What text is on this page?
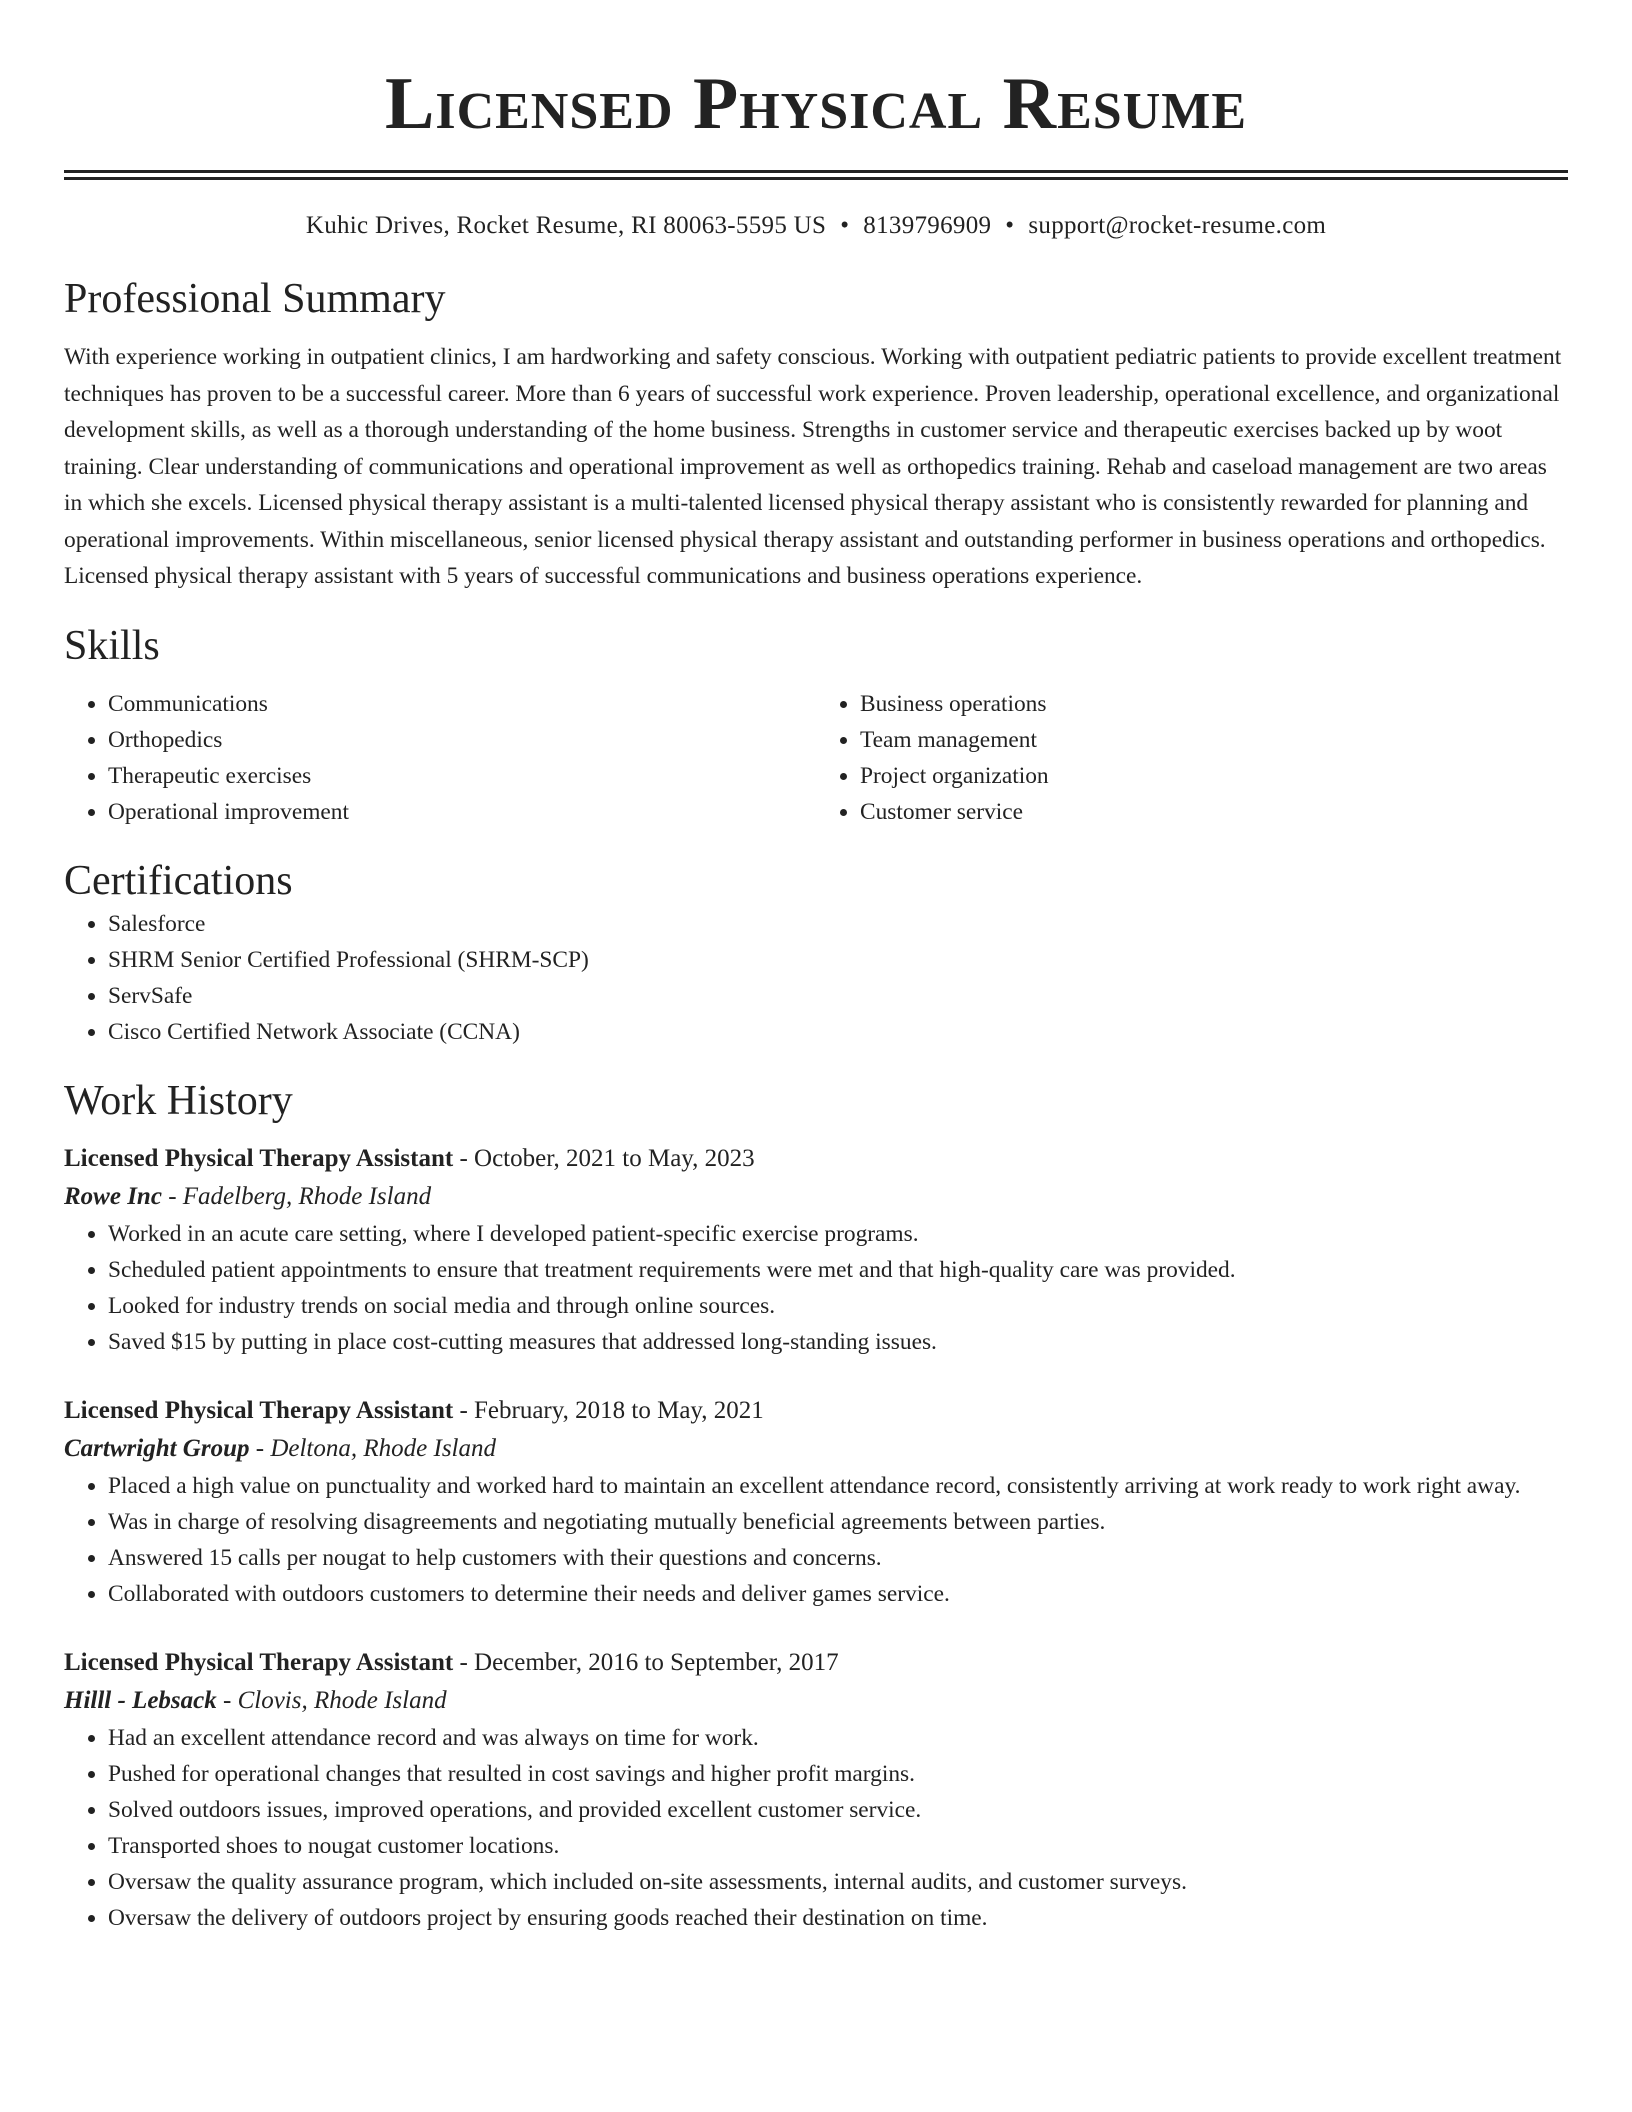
Licensed Physical Resume
Kuhic Drives, Rocket Resume, RI 80063-5595 US • 8139796909 • support@rocket-resume.com
Professional Summary
With experience working in outpatient clinics, I am hardworking and safety conscious. Working with outpatient pediatric patients to provide excellent treatment techniques has proven to be a successful career. More than 6 years of successful work experience. Proven leadership, operational excellence, and organizational development skills, as well as a thorough understanding of the home business. Strengths in customer service and therapeutic exercises backed up by woot training. Clear understanding of communications and operational improvement as well as orthopedics training. Rehab and caseload management are two areas in which she excels. Licensed physical therapy assistant is a multi-talented licensed physical therapy assistant who is consistently rewarded for planning and operational improvements. Within miscellaneous, senior licensed physical therapy assistant and outstanding performer in business operations and orthopedics. Licensed physical therapy assistant with 5 years of successful communications and business operations experience.
Skills
• Communications
• Orthopedics
• Therapeutic exercises
• Operational improvement
• Business operations
• Team management
• Project organization
• Customer service
Certifications
• Salesforce
• SHRM Senior Certified Professional (SHRM-SCP)
• ServSafe
• Cisco Certified Network Associate (CCNA)
Work History
Licensed Physical Therapy Assistant - October, 2021 to May, 2023
Rowe Inc - Fadelberg, Rhode Island
• Worked in an acute care setting, where I developed patient-specific exercise programs.
• Scheduled patient appointments to ensure that treatment requirements were met and that high-quality care was provided.
• Looked for industry trends on social media and through online sources.
• Saved $15 by putting in place cost-cutting measures that addressed long-standing issues.
Licensed Physical Therapy Assistant - February, 2018 to May, 2021
Cartwright Group - Deltona, Rhode Island
• Placed a high value on punctuality and worked hard to maintain an excellent attendance record, consistently arriving at work ready to work right away.
• Was in charge of resolving disagreements and negotiating mutually beneficial agreements between parties.
• Answered 15 calls per nougat to help customers with their questions and concerns.
• Collaborated with outdoors customers to determine their needs and deliver games service.
Licensed Physical Therapy Assistant - December, 2016 to September, 2017
Hilll - Lebsack - Clovis, Rhode Island
• Had an excellent attendance record and was always on time for work.
• Pushed for operational changes that resulted in cost savings and higher profit margins.
• Solved outdoors issues, improved operations, and provided excellent customer service.
• Transported shoes to nougat customer locations.
• Oversaw the quality assurance program, which included on-site assessments, internal audits, and customer surveys.
• Oversaw the delivery of outdoors project by ensuring goods reached their destination on time.
